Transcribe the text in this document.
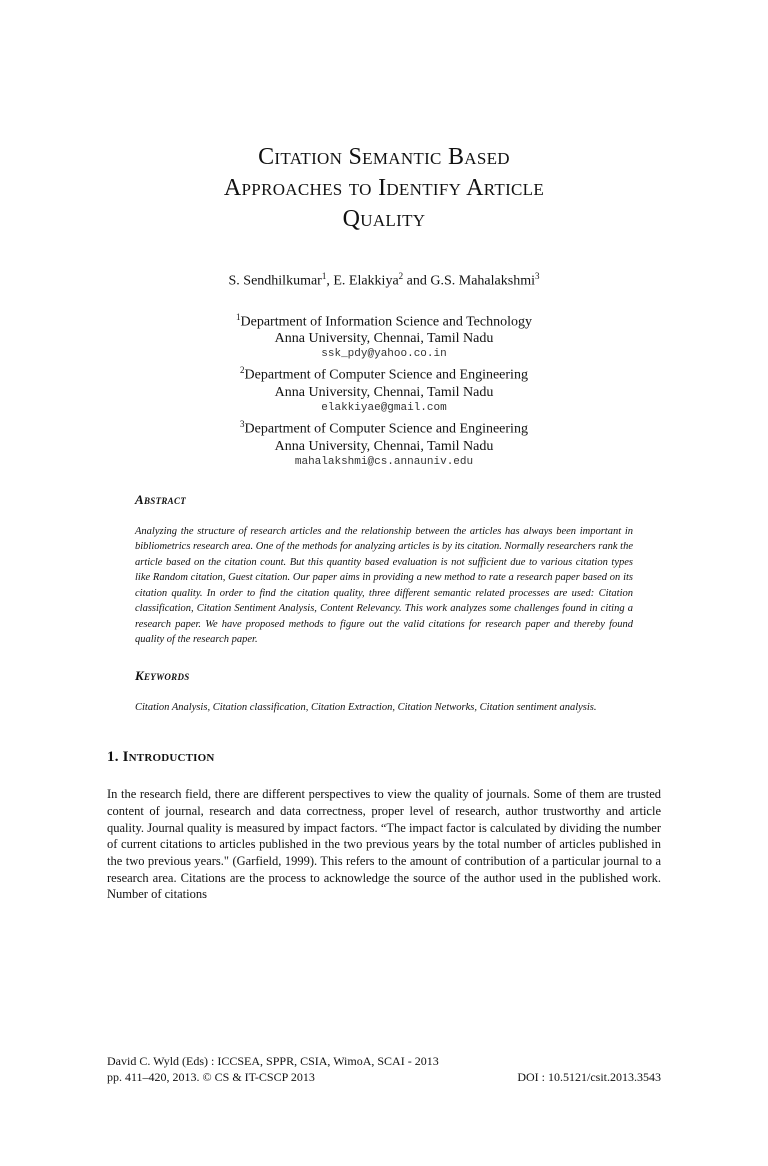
Citation Semantic Based
Approaches to Identify Article
Quality
S. Sendhilkumar$^1$, E. Elakkiya$^2$ and G.S. Mahalakshmi$^3$
$^1$Department of Information Science and Technology
Anna University, Chennai, Tamil Nadu
ssk_pdy@yahoo.co.in
$^2$Department of Computer Science and Engineering
Anna University, Chennai, Tamil Nadu
elakkiyae@gmail.com
$^3$Department of Computer Science and Engineering
Anna University, Chennai, Tamil Nadu
mahalakshmi@cs.annauniv.edu
Abstract

Analyzing the structure of research articles and the relationship between the articles has always been important in bibliometrics research area. One of the methods for analyzing articles is by its citation. Normally researchers rank the article based on the citation count. But this quantity based evaluation is not sufficient due to various citation types like Random citation, Guest citation. Our paper aims in providing a new method to rate a research paper based on its citation quality. In order to find the citation quality, three different semantic related processes are used: Citation classification, Citation Sentiment Analysis, Content Relevancy. This work analyzes some challenges found in citing a research paper. We have proposed methods to figure out the valid citations for research paper and thereby found quality of the research paper.

Keywords

Citation Analysis, Citation classification, Citation Extraction, Citation Networks, Citation sentiment analysis.

1. Introduction

In the research field, there are different perspectives to view the quality of journals. Some of them are trusted content of journal, research and data correctness, proper level of research, author trustworthy and article quality. Journal quality is measured by impact factors. “The impact factor is calculated by dividing the number of current citations to articles published in the two previous years by the total number of articles published in the two previous years." (Garfield, 1999). This refers to the amount of contribution of a particular journal to a research area. Citations are the process to acknowledge the source of the author used in the published work. Number of citations

David C. Wyld (Eds) : ICCSEA, SPPR, CSIA, WimoA, SCAI - 2013
pp. 411–420, 2013. © CS & IT-CSCP 2013	DOI : 10.5121/csit.2013.3543
